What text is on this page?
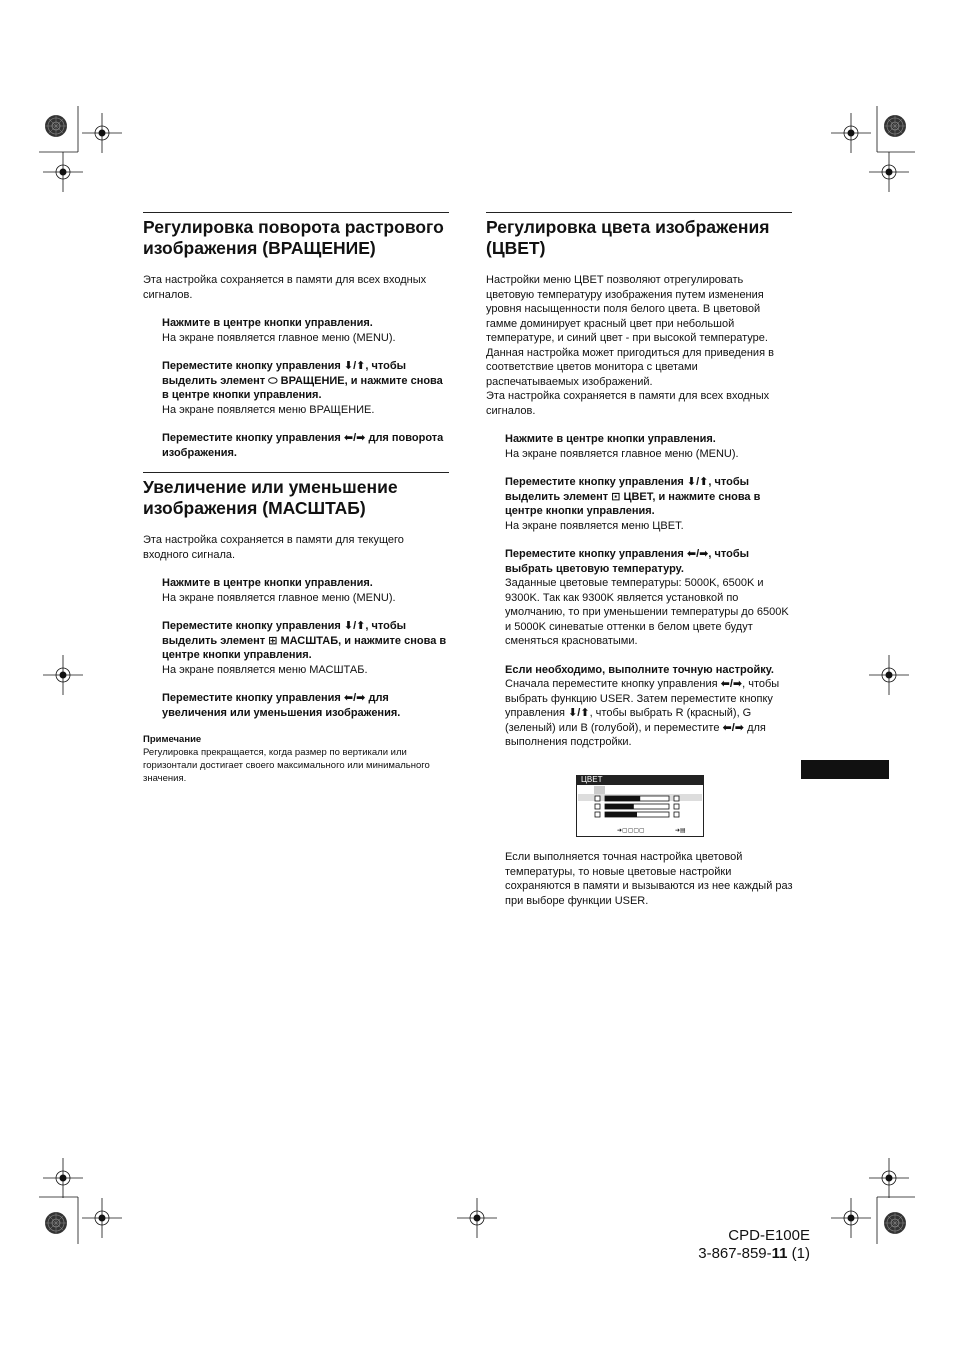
Регулировка поворота растрового изображения (ВРАЩЕНИЕ)

Эта настройка сохраняется в памяти для всех входных сигналов.

Нажмите в центре кнопки управления.

На экране появляется главное меню (MENU).

Переместите кнопку управления ⬇/⬆, чтобы выделить элемент ⬭ ВРАЩЕНИЕ, и нажмите снова в центре кнопки управления.

На экране появляется меню ВРАЩЕНИЕ.

Переместите кнопку управления ⬅/➡ для поворота изображения.

Увеличение или уменьшение изображения (МАСШТАБ)

Эта настройка сохраняется в памяти для текущего входного сигнала.

Нажмите в центре кнопки управления.

На экране появляется главное меню (MENU).

Переместите кнопку управления ⬇/⬆, чтобы выделить элемент ⊞ МАСШТАБ, и нажмите снова в центре кнопки управления.

На экране появляется меню МАСШТАБ.

Переместите кнопку управления ⬅/➡ для увеличения или уменьшения изображения.

Примечание

Регулировка прекращается, когда размер по вертикали или горизонтали достигает своего максимального или минимального значения.

Регулировка цвета изображения (ЦВЕТ)

Настройки меню ЦВЕТ позволяют отрегулировать цветовую температуру изображения путем изменения уровня насыщенности поля белого цвета. В цветовой гамме доминирует красный цвет при небольшой температуре, и синий цвет - при высокой температуре. Данная настройка может пригодиться для приведения в соответствие цветов монитора с цветами распечатываемых изображений.

Эта настройка сохраняется в памяти для всех входных сигналов.

Нажмите в центре кнопки управления.

На экране появляется главное меню (MENU).

Переместите кнопку управления ⬇/⬆, чтобы выделить элемент ⊡ ЦВЕТ, и нажмите снова в центре кнопки управления.

На экране появляется меню ЦВЕТ.

Переместите кнопку управления ⬅/➡, чтобы выбрать цветовую температуру.

Заданные цветовые температуры: 5000K, 6500K и 9300K. Так как 9300K является установкой по умолчанию, то при уменьшении температуры до 6500K и 5000K синеватые оттенки в белом цвете будут сменяться красноватыми.

Если необходимо, выполните точную настройку.

Сначала переместите кнопку управления ⬅/➡, чтобы выбрать функцию USER. Затем переместите кнопку управления ⬇/⬆, чтобы выбрать R (красный), G (зеленый) или B (голубой), и переместите ⬅/➡ для выполнения подстройки.

ЦВЕТ
➜▢▢▢▢	➜▤

Если выполняется точная настройка цветовой температуры, то новые цветовые настройки сохраняются в памяти и вызываются из нее каждый раз при выборе функции USER.

CPD-E100E
3-867-859-11 (1)
